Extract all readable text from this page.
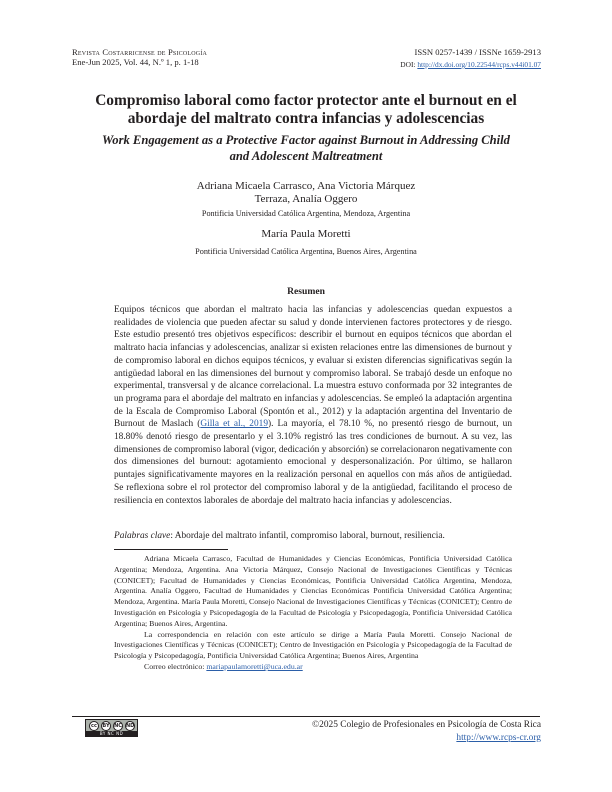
Revista Costarricense de Psicología
Ene-Jun 2025, Vol. 44, N.º 1, p. 1-18
ISSN 0257-1439 / ISSNe 1659-2913
DOI: http://dx.doi.org/10.22544/rcps.v44i01.07
Compromiso laboral como factor protector ante el burnout en el
abordaje del maltrato contra infancias y adolescencias
Work Engagement as a Protective Factor against Burnout in Addressing Child
and Adolescent Maltreatment
Adriana Micaela Carrasco, Ana Victoria Márquez
Terraza, Analía Oggero
Pontificia Universidad Católica Argentina, Mendoza, Argentina
María Paula Moretti
Pontificia Universidad Católica Argentina, Buenos Aires, Argentina
Resumen

Equipos técnicos que abordan el maltrato hacia las infancias y adolescencias quedan expuestos a realidades de violencia que pueden afectar su salud y donde intervienen factores protectores y de riesgo. Este estudio presentó tres objetivos específicos: describir el burnout en equipos técnicos que abordan el maltrato hacia infancias y adolescencias, analizar si existen relaciones entre las dimensiones de burnout y de compromiso laboral en dichos equipos técnicos, y evaluar si existen diferencias significativas según la antigüedad laboral en las dimensiones del burnout y compromiso laboral. Se trabajó desde un enfoque no experimental, transversal y de alcance correlacional. La muestra estuvo conformada por 32 integrantes de un programa para el abordaje del maltrato en infancias y adolescencias. Se empleó la adaptación argentina de la Escala de Compromiso Laboral (Spontón et al., 2012) y la adaptación argentina del Inventario de Burnout de Maslach (Gilla et al., 2019). La mayoría, el 78.10 %, no presentó riesgo de burnout, un 18.80% denotó riesgo de presentarlo y el 3.10% registró las tres condiciones de burnout. A su vez, las dimensiones de compromiso laboral (vigor, dedicación y absorción) se correlacionaron negativamente con dos dimensiones del burnout: agotamiento emocional y despersonalización. Por último, se hallaron puntajes significativamente mayores en la realización personal en aquellos con más años de antigüedad. Se reflexiona sobre el rol protector del compromiso laboral y de la antigüedad, facilitando el proceso de resiliencia en contextos laborales de abordaje del maltrato hacia infancias y adolescencias.

Palabras clave: Abordaje del maltrato infantil, compromiso laboral, burnout, resiliencia.

Adriana Micaela Carrasco, Facultad de Humanidades y Ciencias Económicas, Pontificia Universidad Católica Argentina; Mendoza, Argentina. Ana Victoria Márquez, Consejo Nacional de Investigaciones Científicas y Técnicas (CONICET); Facultad de Humanidades y Ciencias Económicas, Pontificia Universidad Católica Argentina, Mendoza, Argentina. Analía Oggero, Facultad de Humanidades y Ciencias Económicas Pontificia Universidad Católica Argentina; Mendoza, Argentina. María Paula Moretti, Consejo Nacional de Investigaciones Científicas y Técnicas (CONICET); Centro de Investigación en Psicología y Psicopedagogía de la Facultad de Psicología y Psicopedagogía, Pontificia Universidad Católica Argentina; Buenos Aires, Argentina.

La correspondencia en relación con este artículo se dirige a María Paula Moretti. Consejo Nacional de Investigaciones Científicas y Técnicas (CONICET); Centro de Investigación en Psicología y Psicopedagogía de la Facultad de Psicología y Psicopedagogía, Pontificia Universidad Católica Argentina; Buenos Aires, Argentina

Correo electrónico: mariapaulamoretti@uca.edu.ar

cc	BY NC ND
BY NC ND
©2025 Colegio de Profesionales en Psicología de Costa Rica
http://www.rcps-cr.org
